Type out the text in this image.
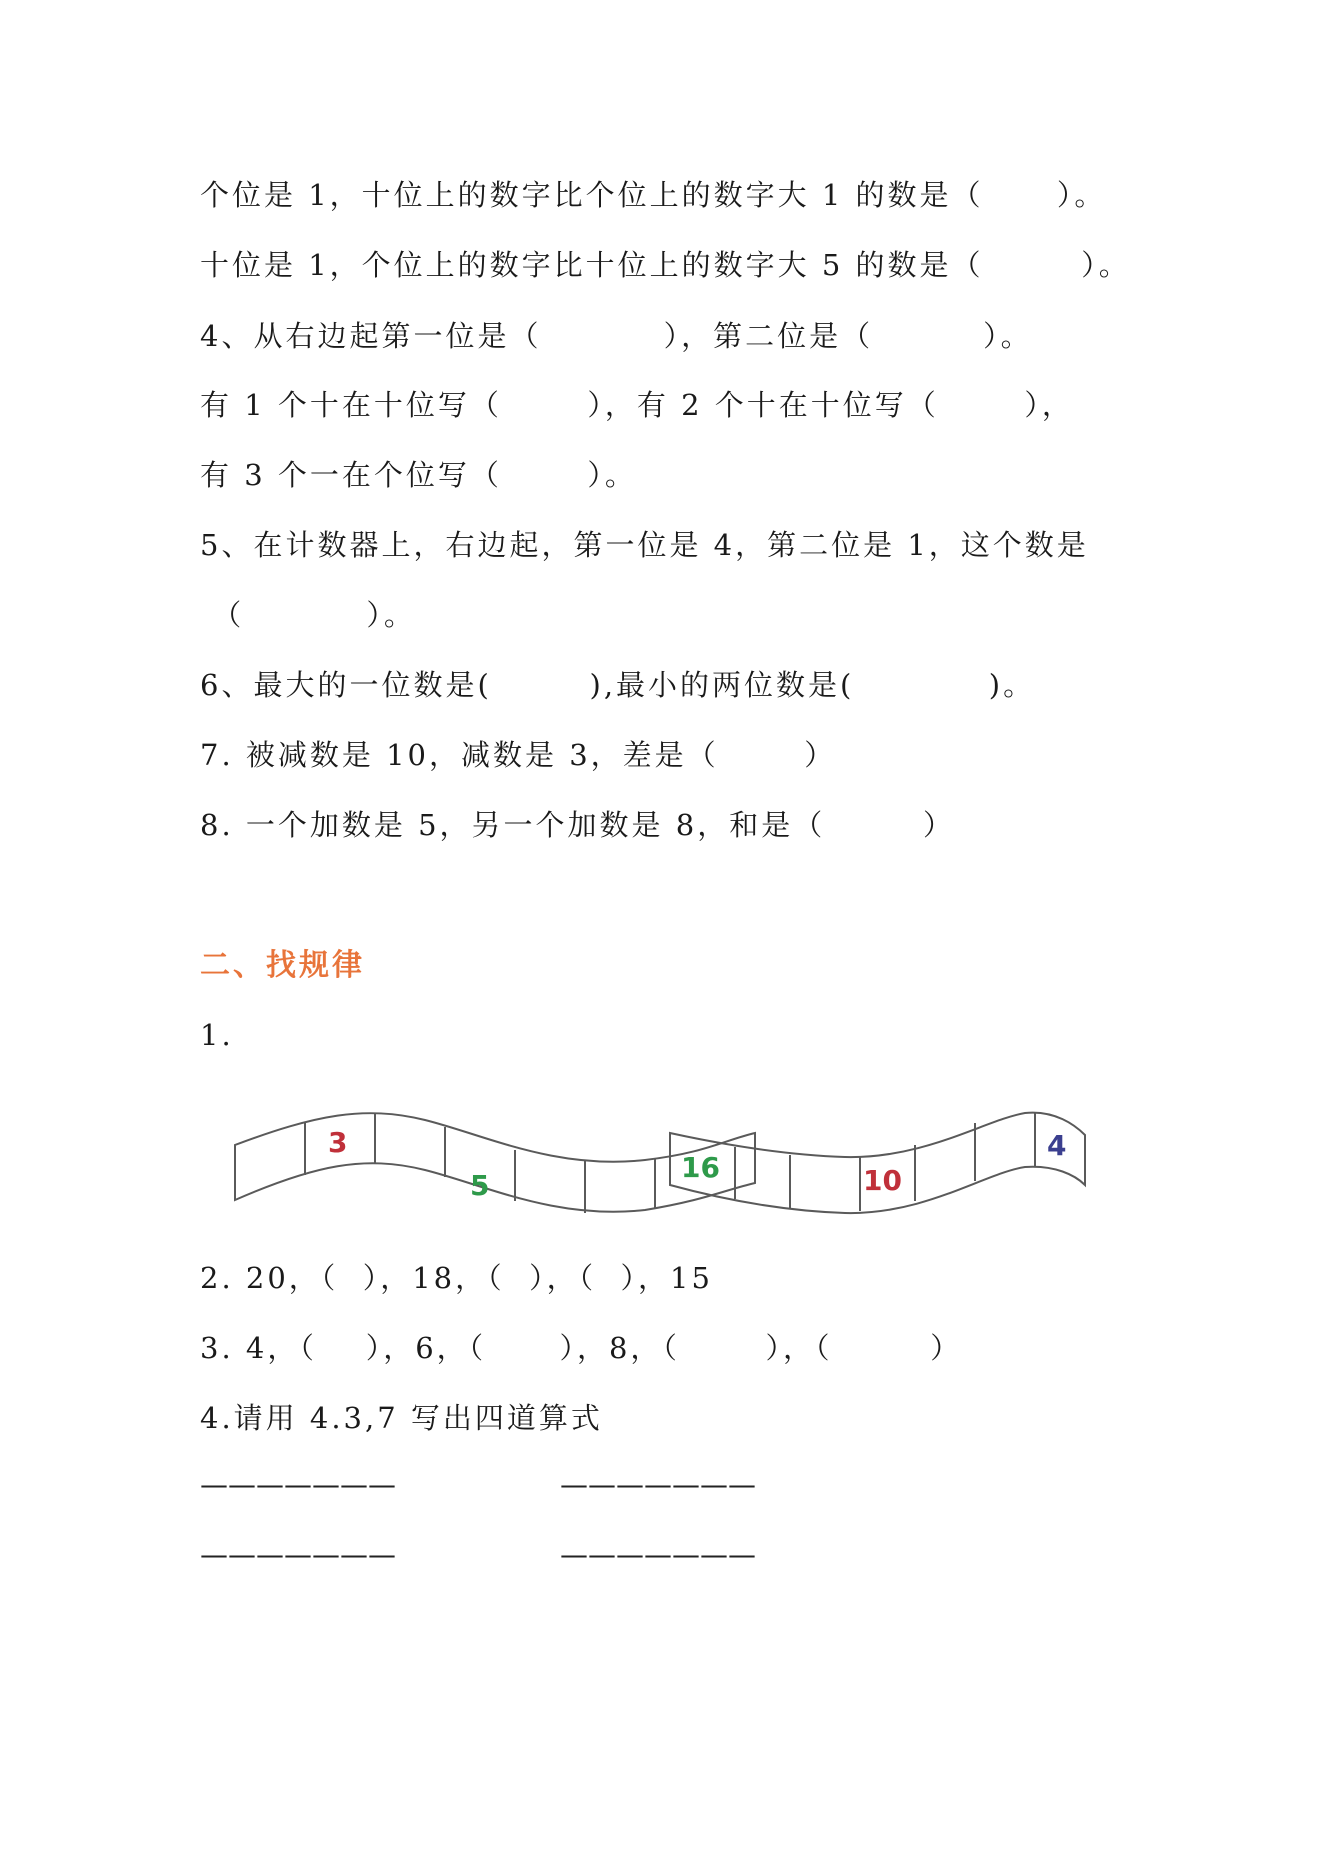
个位是 1，十位上的数字比个位上的数字大 1 的数是（      ）。
十位是 1，个位上的数字比十位上的数字大 5 的数是（        ）。
4、从右边起第一位是（          ），第二位是（         ）。
有 1 个十在十位写（       ），有 2 个十在十位写（       ），
有 3 个一在个位写（       ）。
5、在计数器上，右边起，第一位是 4，第二位是 1，这个数是
（          ）。
6、最大的一位数是(        ),最小的两位数是(           )。
7. 被减数是 10，减数是 3，差是（       ）
8. 一个加数是 5，另一个加数是 8，和是（        ）
二、找规律
1.
3
5
16	10
4
2. 20，（  ），18，（  ），（  ），15
3. 4，（    ），6，（      ），8，（       ），（        ）
4.请用 4.3,7 写出四道算式
———————	———————
———————	———————
